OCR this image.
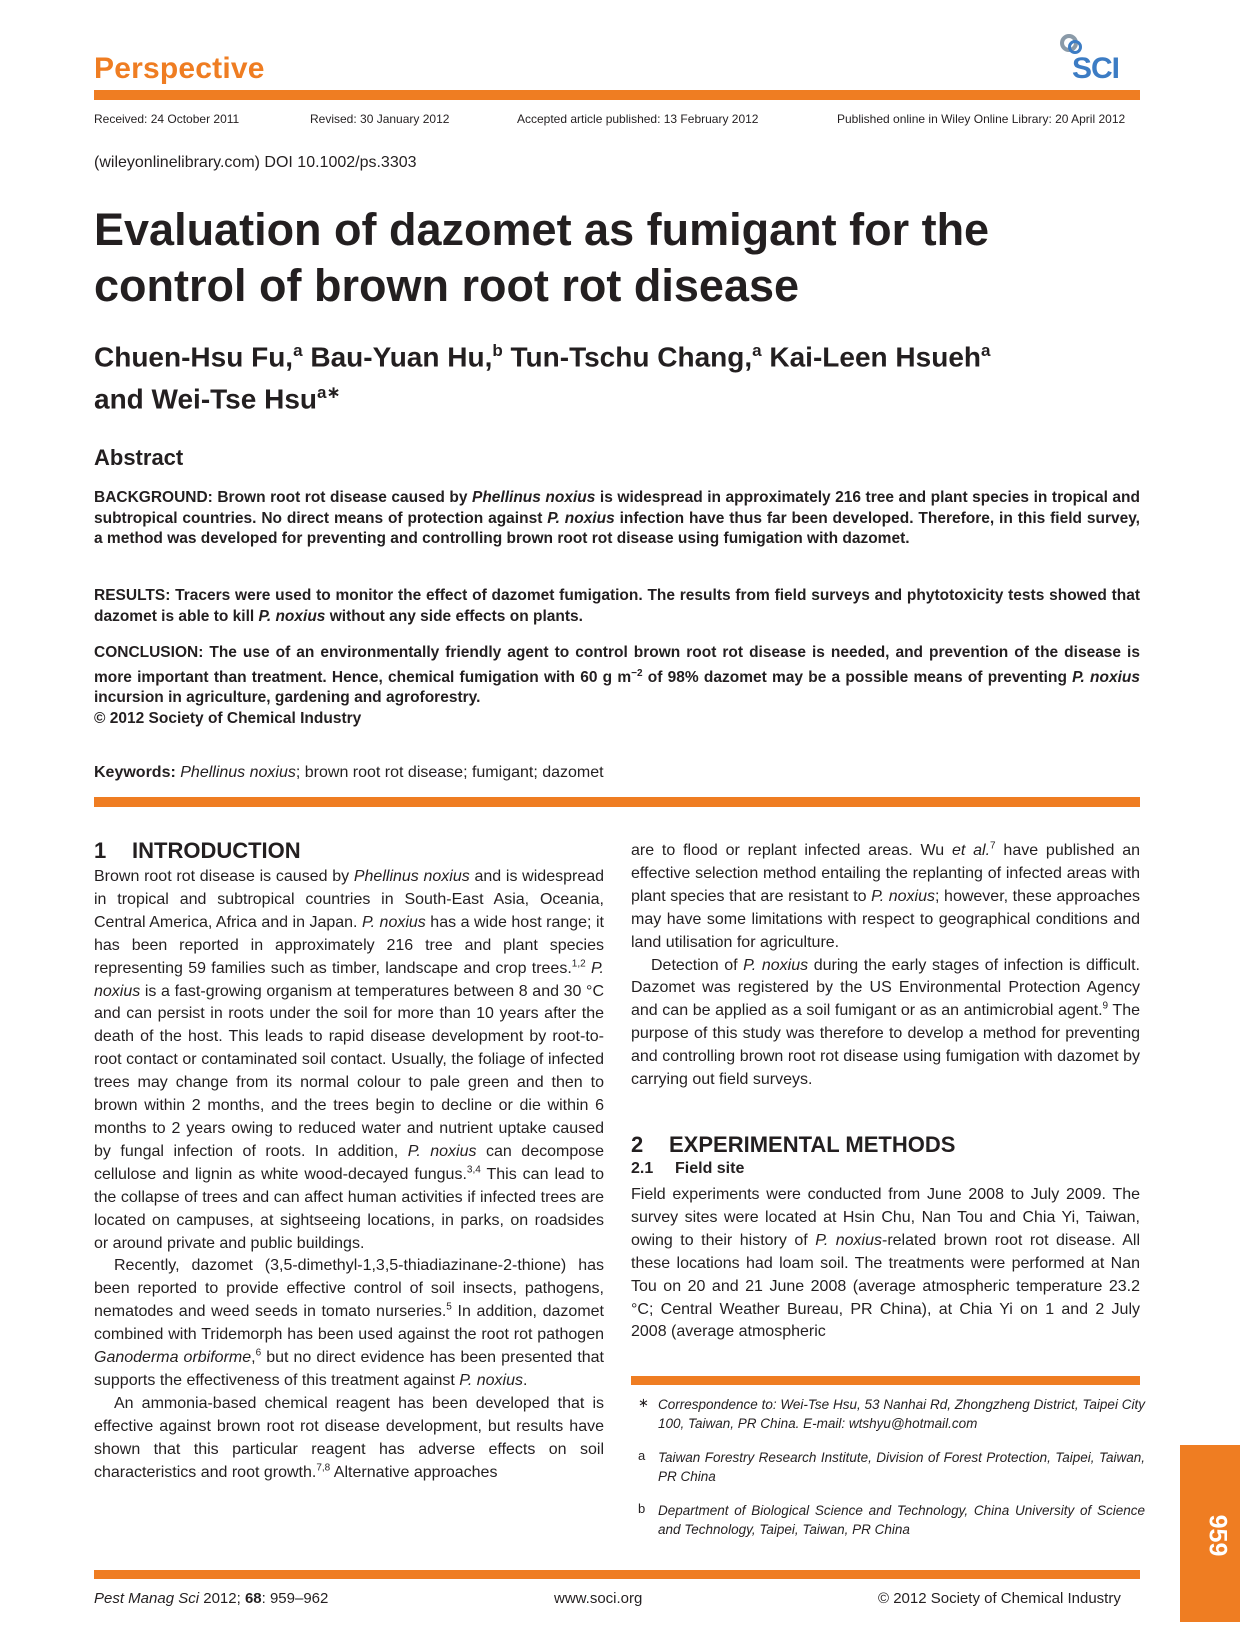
Perspective	SCI
Received: 24 October 2011	Revised: 30 January 2012	Accepted article published: 13 February 2012	Published online in Wiley Online Library: 20 April 2012
(wileyonlinelibrary.com) DOI 10.1002/ps.3303
Evaluation of dazomet as fumigant for the
control of brown root rot disease
Chuen-Hsu Fu,$^a$ Bau-Yuan Hu,$^b$ Tun-Tschu Chang,$^a$ Kai-Leen Hsueh$^a$
and Wei-Tse Hsu$^{a∗}$
Abstract
BACKGROUND: Brown root rot disease caused by Phellinus noxius is widespread in approximately 216 tree and plant species in tropical and subtropical countries. No direct means of protection against P. noxius infection have thus far been developed. Therefore, in this field survey, a method was developed for preventing and controlling brown root rot disease using fumigation with dazomet.
RESULTS: Tracers were used to monitor the effect of dazomet fumigation. The results from field surveys and phytotoxicity tests showed that dazomet is able to kill P. noxius without any side effects on plants.
CONCLUSION: The use of an environmentally friendly agent to control brown root rot disease is needed, and prevention of the disease is more important than treatment. Hence, chemical fumigation with 60 g $m^{-2}$ of 98% dazomet may be a possible means of preventing P. noxius incursion in agriculture, gardening and agroforestry.
© 2012 Society of Chemical Industry
Keywords: Phellinus noxius; brown root rot disease; fumigant; dazomet
1 INTRODUCTION

Brown root rot disease is caused by Phellinus noxius and is widespread in tropical and subtropical countries in South-East Asia, Oceania, Central America, Africa and in Japan. P. noxius has a wide host range; it has been reported in approximately 216 tree and plant species representing 59 families such as timber, landscape and crop trees.$^{1,2}$ P. noxius is a fast-growing organism at temperatures between 8 and 30 °C and can persist in roots under the soil for more than 10 years after the death of the host. This leads to rapid disease development by root-to-root contact or contaminated soil contact. Usually, the foliage of infected trees may change from its normal colour to pale green and then to brown within 2 months, and the trees begin to decline or die within 6 months to 2 years owing to reduced water and nutrient uptake caused by fungal infection of roots. In addition, P. noxius can decompose cellulose and lignin as white wood-decayed fungus.$^{3,4}$ This can lead to the collapse of trees and can affect human activities if infected trees are located on campuses, at sightseeing locations, in parks, on roadsides or around private and public buildings.

Recently, dazomet (3,5-dimethyl-1,3,5-thiadiazinane-2-thione) has been reported to provide effective control of soil insects, pathogens, nematodes and weed seeds in tomato nurseries.$^5$ In addition, dazomet combined with Tridemorph has been used against the root rot pathogen Ganoderma orbiforme,$^6$ but no direct evidence has been presented that supports the effectiveness of this treatment against P. noxius.

An ammonia-based chemical reagent has been developed that is effective against brown root rot disease development, but results have shown that this particular reagent has adverse effects on soil characteristics and root growth.$^{7,8}$ Alternative approaches

are to flood or replant infected areas. Wu et al.$^7$ have published an effective selection method entailing the replanting of infected areas with plant species that are resistant to P. noxius; however, these approaches may have some limitations with respect to geographical conditions and land utilisation for agriculture.

Detection of P. noxius during the early stages of infection is difficult. Dazomet was registered by the US Environmental Protection Agency and can be applied as a soil fumigant or as an antimicrobial agent.$^9$ The purpose of this study was therefore to develop a method for preventing and controlling brown root rot disease using fumigation with dazomet by carrying out field surveys.

2 EXPERIMENTAL METHODS
2.1 Field site

Field experiments were conducted from June 2008 to July 2009. The survey sites were located at Hsin Chu, Nan Tou and Chia Yi, Taiwan, owing to their history of P. noxius-related brown root rot disease. All these locations had loam soil. The treatments were performed at Nan Tou on 20 and 21 June 2008 (average atmospheric temperature 23.2 °C; Central Weather Bureau, PR China), at Chia Yi on 1 and 2 July 2008 (average atmospheric

∗ Correspondence to: Wei-Tse Hsu, 53 Nanhai Rd, Zhongzheng District, Taipei City 100, Taiwan, PR China. E-mail: wtshyu@hotmail.com
a Taiwan Forestry Research Institute, Division of Forest Protection, Taipei, Taiwan, PR China
b Department of Biological Science and Technology, China University of Science and Technology, Taipei, Taiwan, PR China	959
Pest Manag Sci 2012; 68: 959–962	www.soci.org	© 2012 Society of Chemical Industry
